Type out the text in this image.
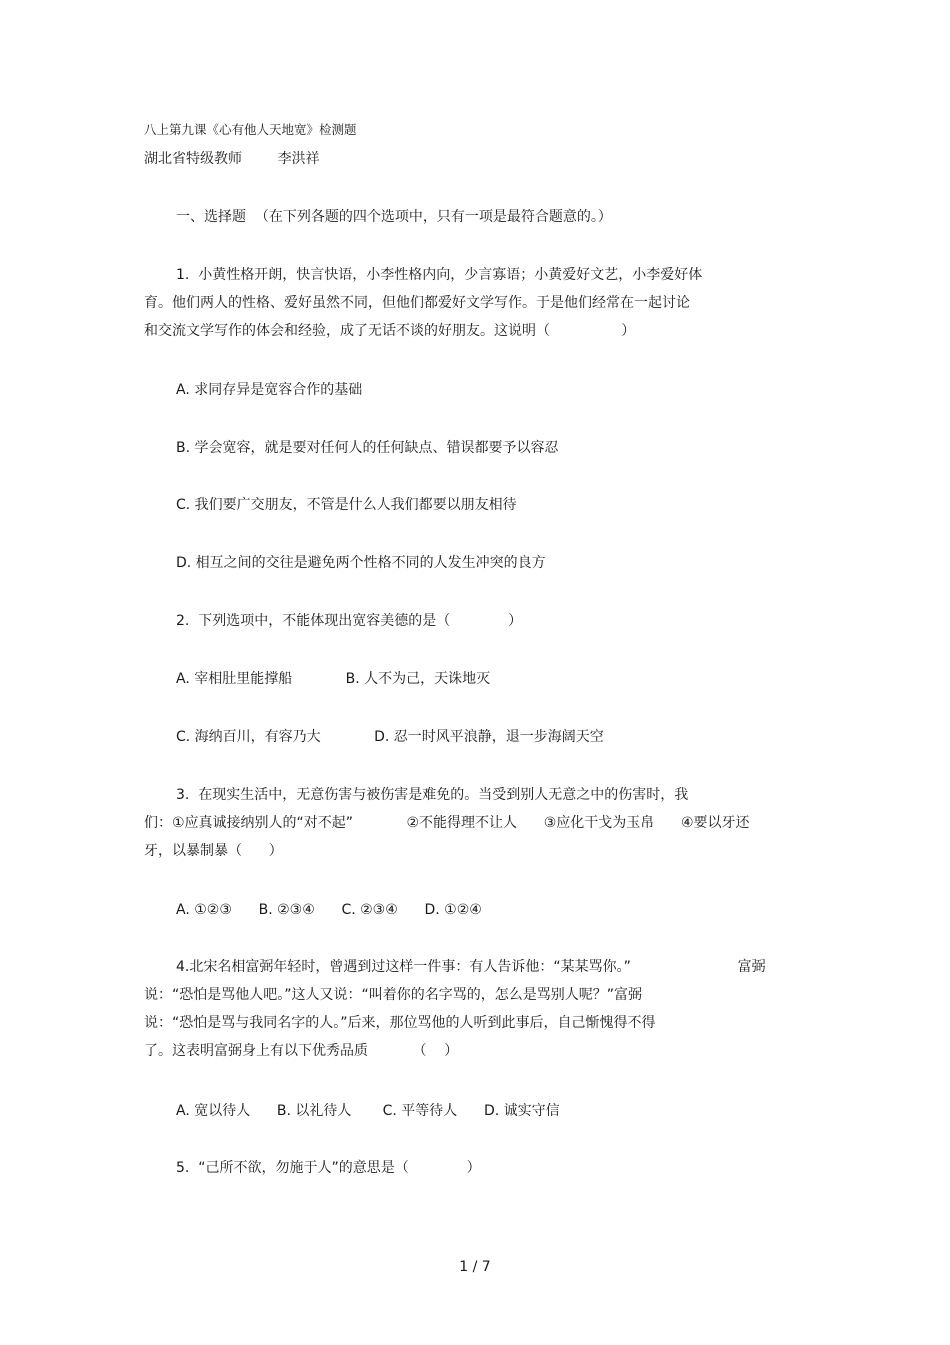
八上第九课《心有他人天地宽》检测题
湖北省特级教师        李洪祥
一、选择题  （在下列各题的四个选项中，只有一项是最符合题意的。）
1.  小黄性格开朗，快言快语，小李性格内向，少言寡语；小黄爱好文艺，小李爱好体
育。他们两人的性格、爱好虽然不同，但他们都爱好文学写作。于是他们经常在一起讨论
和交流文学写作的体会和经验，成了无话不谈的好朋友。这说明（                ）
A. 求同存异是宽容合作的基础
B. 学会宽容，就是要对任何人的任何缺点、错误都要予以容忍
C. 我们要广交朋友，不管是什么人我们都要以朋友相待
D. 相互之间的交往是避免两个性格不同的人发生冲突的良方
2.  下列选项中，不能体现出宽容美德的是（             ）
A. 宰相肚里能撑船            B. 人不为己，天诛地灭
C. 海纳百川，有容乃大            D. 忍一时风平浪静，退一步海阔天空
3.  在现实生活中，无意伤害与被伤害是难免的。当受到别人无意之中的伤害时，我
们：①应真诚接纳别人的“对不起”            ②不能得理不让人      ③应化干戈为玉帛      ④要以牙还
牙，以暴制暴（      ）
A. ①②③      B. ②③④      C. ②③④      D. ①②④
4.北宋名相富弼年轻时，曾遇到过这样一件事：有人告诉他：“某某骂你。”                        富弼
说：“恐怕是骂他人吧。”这人又说：“叫着你的名字骂的，怎么是骂别人呢？”富弼
说：“恐怕是骂与我同名字的人。”后来，那位骂他的人听到此事后，自己惭愧得不得
了。这表明富弼身上有以下优秀品质          （    ）
A. 宽以待人      B. 以礼待人       C. 平等待人      D. 诚实守信
5.  “己所不欲，勿施于人”的意思是（             ）
1 / 7
